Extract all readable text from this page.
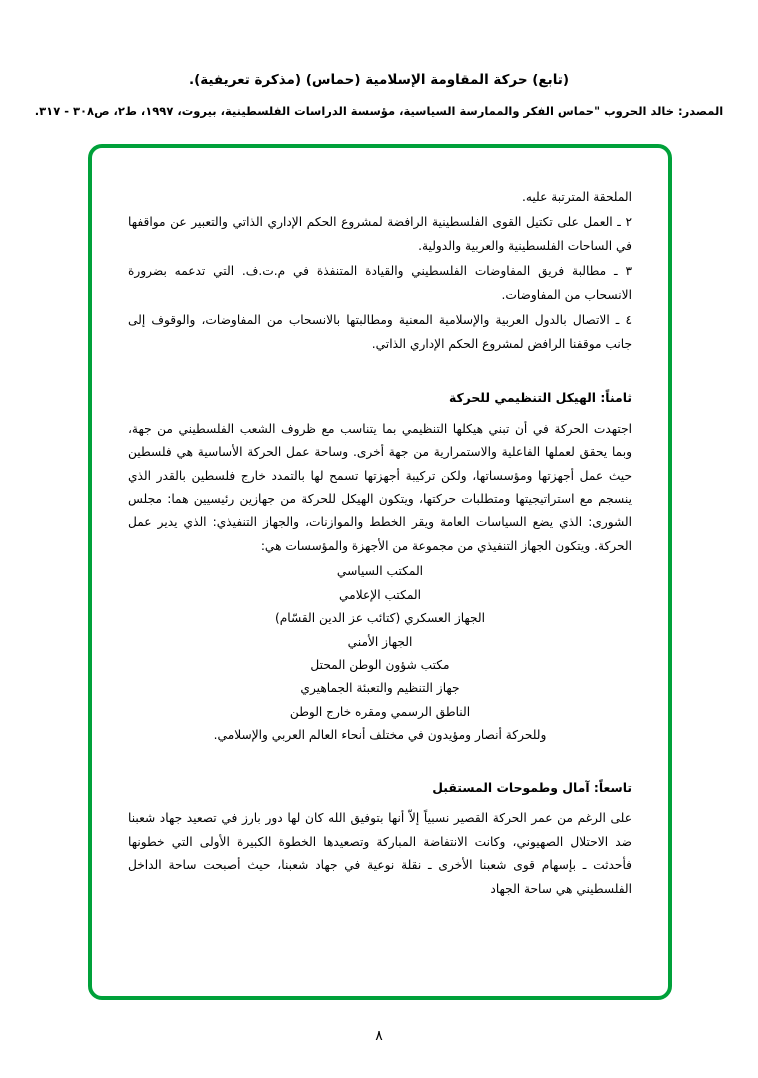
(تابع) حركة المقاومة الإسلامية (حماس) (مذكرة تعريفية).
المصدر: خالد الحروب "حماس الفكر والممارسة السياسية، مؤسسة الدراسات الفلسطينية، بيروت، ١٩٩٧، ط٢، ص٣٠٨ - ٣١٧.

الملحقة المترتبة عليه.

٢ ـ العمل على تكتيل القوى الفلسطينية الرافضة لمشروع الحكم الإداري الذاتي والتعبير عن مواقفها في الساحات الفلسطينية والعربية والدولية.

٣ ـ مطالبة فريق المفاوضات الفلسطيني والقيادة المتنفذة في م.ت.ف. التي تدعمه بضرورة الانسحاب من المفاوضات.

٤ ـ الاتصال بالدول العربية والإسلامية المعنية ومطالبتها بالانسحاب من المفاوضات، والوقوف إلى جانب موقفنا الرافض لمشروع الحكم الإداري الذاتي.

ثامناً: الهيكل التنظيمي للحركة

اجتهدت الحركة في أن تبني هيكلها التنظيمي بما يتناسب مع ظروف الشعب الفلسطيني من جهة، وبما يحقق لعملها الفاعلية والاستمرارية من جهة أخرى. وساحة عمل الحركة الأساسية هي فلسطين حيث عمل أجهزتها ومؤسساتها، ولكن تركيبة أجهزتها تسمح لها بالتمدد خارج فلسطين بالقدر الذي ينسجم مع استراتيجيتها ومتطلبات حركتها، ويتكون الهيكل للحركة من جهازين رئيسيين هما: مجلس الشورى: الذي يضع السياسات العامة ويقر الخطط والموازنات، والجهاز التنفيذي: الذي يدير عمل الحركة. ويتكون الجهاز التنفيذي من مجموعة من الأجهزة والمؤسسات هي:

المكتب السياسي
المكتب الإعلامي
الجهاز العسكري (كتائب عز الدين القسّام)
الجهاز الأمني
مكتب شؤون الوطن المحتل
جهاز التنظيم والتعبئة الجماهيري
الناطق الرسمي ومقره خارج الوطن
وللحركة أنصار ومؤيدون في مختلف أنحاء العالم العربي والإسلامي.

تاسعاً: آمال وطموحات المستقبل

على الرغم من عمر الحركة القصير نسبياً إلاّ أنها بتوفيق الله كان لها دور بارز في تصعيد جهاد شعبنا ضد الاحتلال الصهيوني، وكانت الانتفاضة المباركة وتصعيدها الخطوة الكبيرة الأولى التي خطونها فأحدثت ـ بإسهام قوى شعبنا الأخرى ـ نقلة نوعية في جهاد شعبنا، حيث أصبحت ساحة الداخل الفلسطيني هي ساحة الجهاد

٨
